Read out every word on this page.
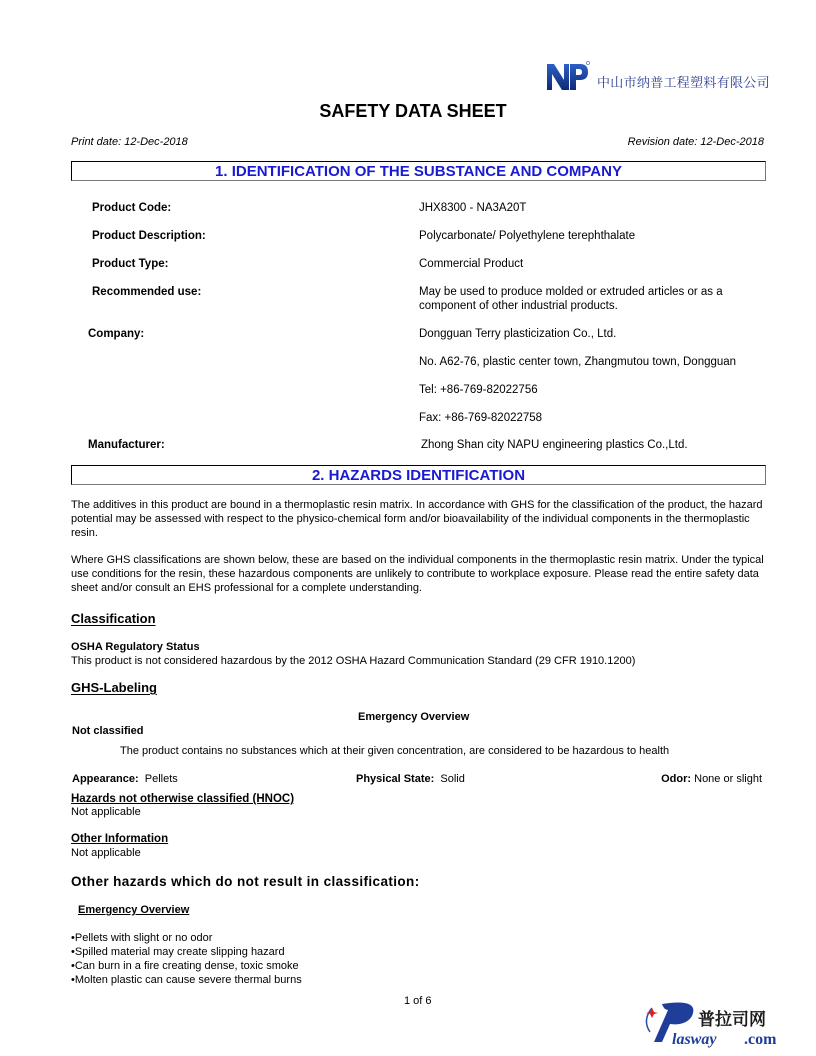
中山市纳普工程塑料有限公司
SAFETY DATA SHEET
Print date: 12-Dec-2018	Revision date: 12-Dec-2018
1. IDENTIFICATION OF THE SUBSTANCE AND COMPANY
Product Code:	JHX8300 - NA3A20T
Product Description:	Polycarbonate/ Polyethylene terephthalate
Product Type:	Commercial Product
Recommended use:	May be used to produce molded or extruded articles or as a component of other industrial products.
Company:	Dongguan Terry plasticization Co., Ltd.
No. A62-76, plastic center town, Zhangmutou town, Dongguan
Tel: +86-769-82022756
Fax: +86-769-82022758
Manufacturer:	Zhong Shan city NAPU engineering plastics Co.,Ltd.
2. HAZARDS IDENTIFICATION
The additives in this product are bound in a thermoplastic resin matrix. In accordance with GHS for the classification of the product, the hazard potential may be assessed with respect to the physico-chemical form and/or bioavailability of the individual components in the thermoplastic resin.
Where GHS classifications are shown below, these are based on the individual components in the thermoplastic resin matrix. Under the typical use conditions for the resin, these hazardous components are unlikely to contribute to workplace exposure. Please read the entire safety data sheet and/or consult an EHS professional for a complete understanding.
Classification
OSHA Regulatory Status
This product is not considered hazardous by the 2012 OSHA Hazard Communication Standard (29 CFR 1910.1200)
GHS-Labeling
Emergency Overview
Not classified
The product contains no substances which at their given concentration, are considered to be hazardous to health
Appearance: Pellets	Physical State: Solid	Odor: None or slight
Hazards not otherwise classified (HNOC)
Not applicable
Other Information
Not applicable
Other hazards which do not result in classification:
Emergency Overview
• Pellets with slight or no odor
• Spilled material may create slipping hazard
• Can burn in a fire creating dense, toxic smoke
• Molten plastic can cause severe thermal burns
1 of 6
普拉司网
lasway .com
